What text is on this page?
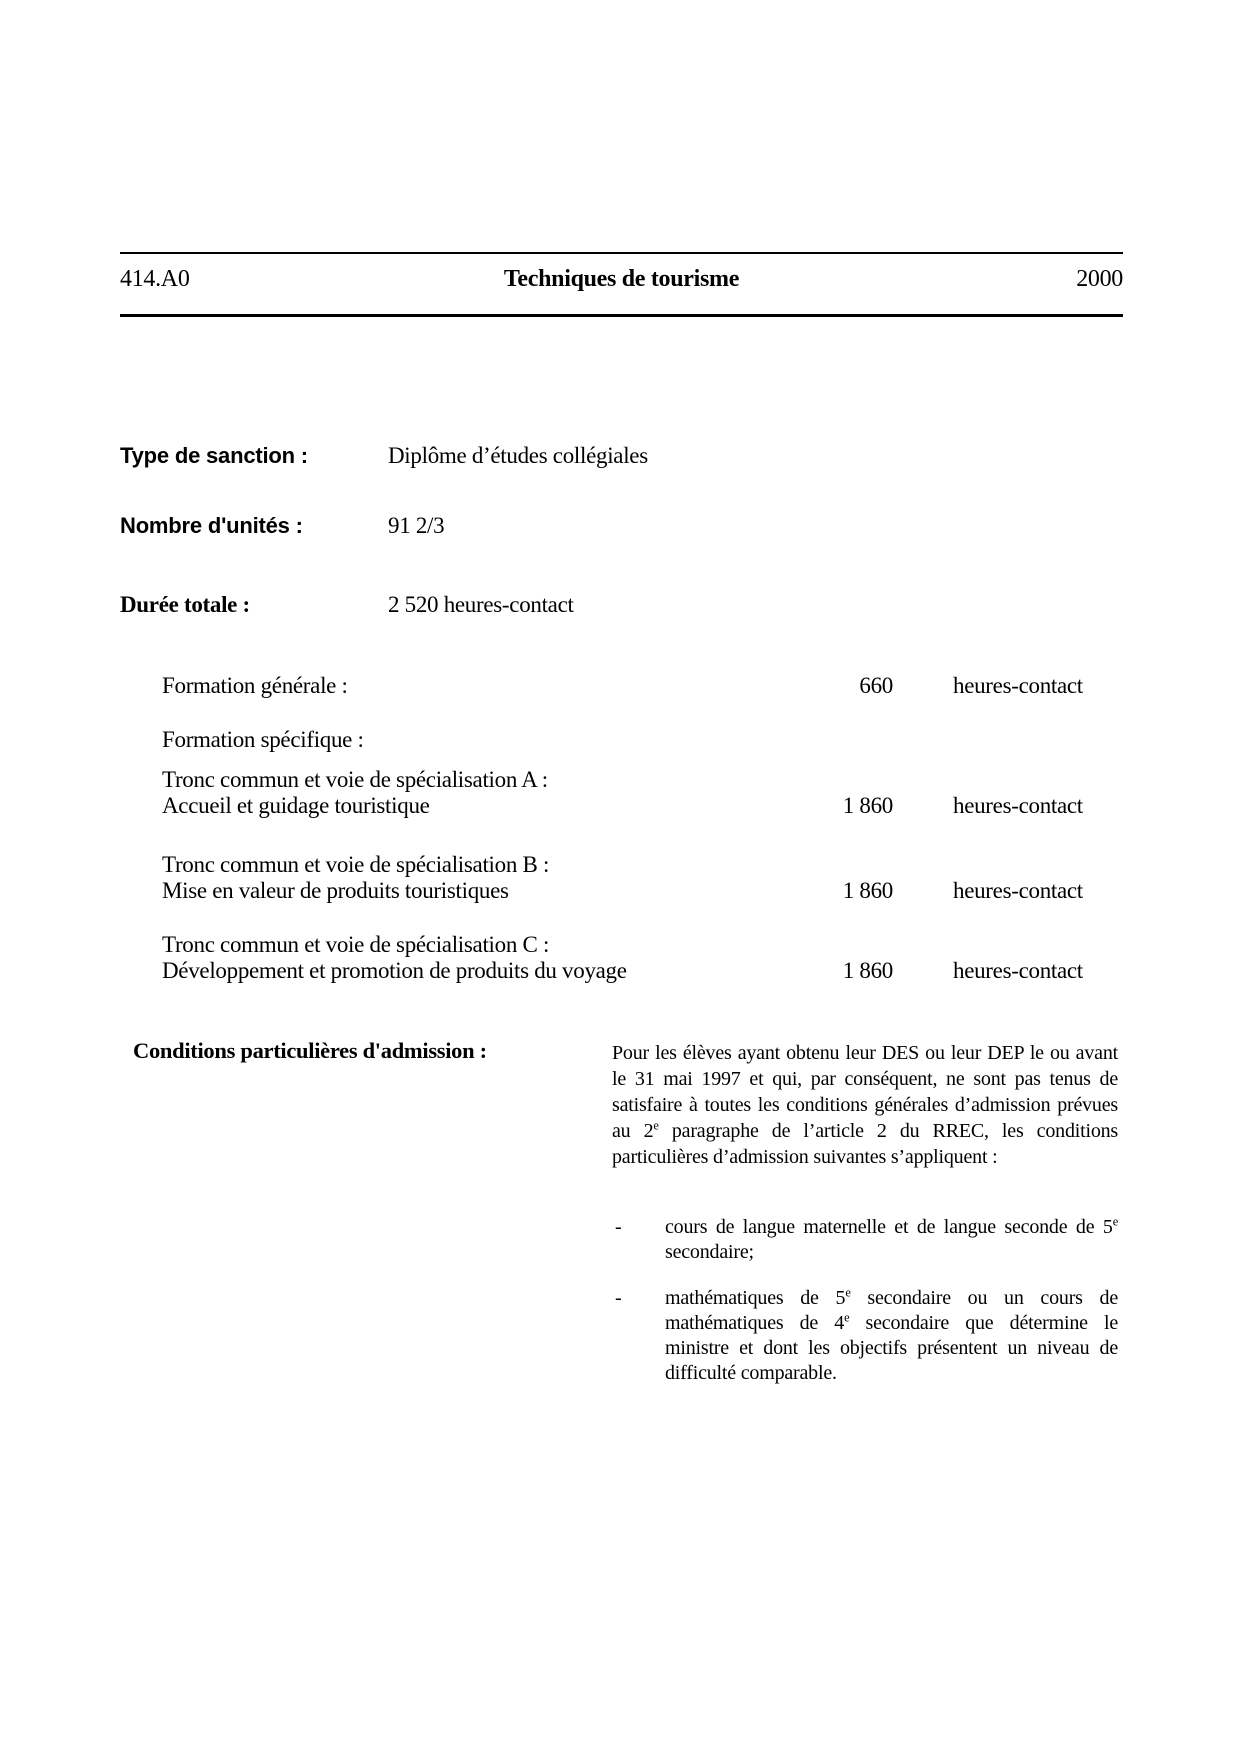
414.A0	Techniques de tourisme	2000
Type de sanction :	Diplôme d’études collégiales
Nombre d'unités :	91 2/3
Durée totale :	2 520 heures-contact
Formation générale :	660	heures-contact
Formation spécifique :
Tronc commun et voie de spécialisation A :
Accueil et guidage touristique	1 860	heures-contact
Tronc commun et voie de spécialisation B :
Mise en valeur de produits touristiques	1 860	heures-contact
Tronc commun et voie de spécialisation C :
Développement et promotion de produits du voyage	1 860	heures-contact
Conditions particulières d'admission :	Pour les élèves ayant obtenu leur DES ou leur DEP le ou avant le 31 mai 1997 et qui, par conséquent, ne sont pas tenus de satisfaire à toutes les conditions générales d’admission prévues au 2e paragraphe de l’article 2 du RREC, les conditions particulières d’admission suivantes s’appliquent :
- cours de langue maternelle et de langue seconde de 5e secondaire;
- mathématiques de 5e secondaire ou un cours de mathématiques de 4e secondaire que détermine le ministre et dont les objectifs présentent un niveau de difficulté comparable.
